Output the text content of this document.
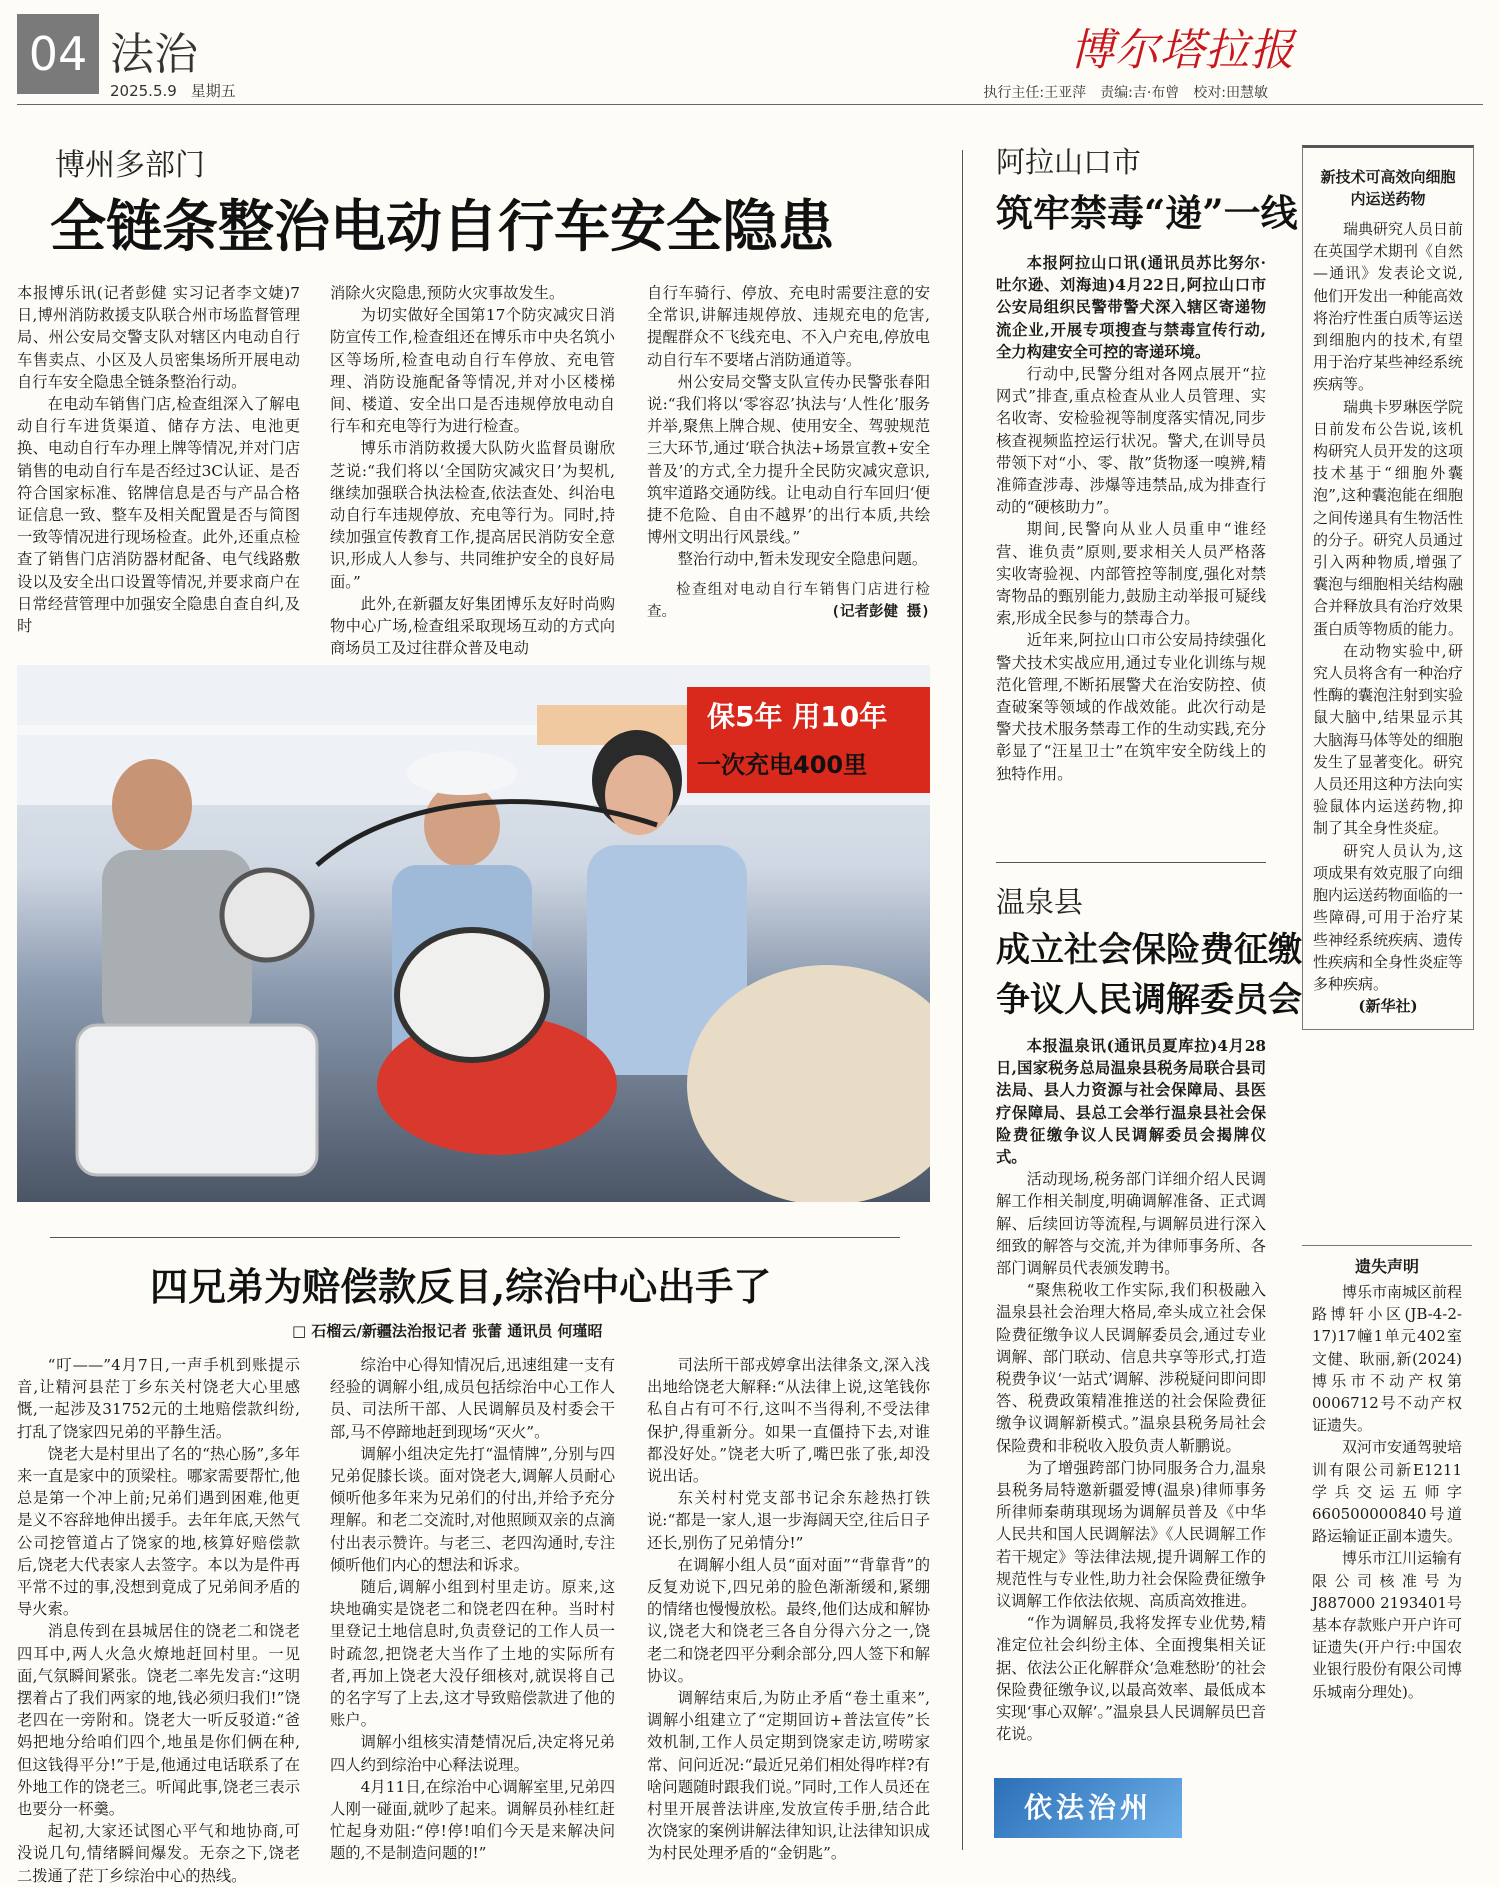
04 法治
2025.5.9 星期五
博尔塔拉报
执行主任:王亚萍 责编:吉·布曾 校对:田慧敏
博州多部门
全链条整治电动自行车安全隐患

本报博乐讯(记者彭健 实习记者李文婕)7日,博州消防救援支队联合州市场监督管理局、州公安局交警支队对辖区内电动自行车售卖点、小区及人员密集场所开展电动自行车安全隐患全链条整治行动。

在电动车销售门店,检查组深入了解电动自行车进货渠道、储存方法、电池更换、电动自行车办理上牌等情况,并对门店销售的电动自行车是否经过3C认证、是否符合国家标准、铭牌信息是否与产品合格证信息一致、整车及相关配置是否与简图一致等情况进行现场检查。此外,还重点检查了销售门店消防器材配备、电气线路敷设以及安全出口设置等情况,并要求商户在日常经营管理中加强安全隐患自查自纠,及时

消除火灾隐患,预防火灾事故发生。

为切实做好全国第17个防灾减灾日消防宣传工作,检查组还在博乐市中央名筑小区等场所,检查电动自行车停放、充电管理、消防设施配备等情况,并对小区楼梯间、楼道、安全出口是否违规停放电动自行车和充电等行为进行检查。

博乐市消防救援大队防火监督员谢欣芝说:“我们将以‘全国防灾减灾日’为契机,继续加强联合执法检查,依法查处、纠治电动自行车违规停放、充电等行为。同时,持续加强宣传教育工作,提高居民消防安全意识,形成人人参与、共同维护安全的良好局面。”

此外,在新疆友好集团博乐友好时尚购物中心广场,检查组采取现场互动的方式向商场员工及过往群众普及电动

自行车骑行、停放、充电时需要注意的安全常识,讲解违规停放、违规充电的危害,提醒群众不飞线充电、不入户充电,停放电动自行车不要堵占消防通道等。

州公安局交警支队宣传办民警张春阳说:“我们将以‘零容忍’执法与‘人性化’服务并举,聚焦上牌合规、使用安全、驾驶规范三大环节,通过‘联合执法+场景宣教+安全普及’的方式,全力提升全民防灾减灾意识,筑牢道路交通防线。让电动自行车回归‘便捷不危险、自由不越界’的出行本质,共绘博州文明出行风景线。”

整治行动中,暂未发现安全隐患问题。

检查组对电动自行车销售门店进行检查。	(记者彭健 摄)
保5年 用10年
一次充电400里
四兄弟为赔偿款反目,综治中心出手了
□ 石榴云/新疆法治报记者 张蕾 通讯员 何瑾昭

“叮——”4月7日,一声手机到账提示音,让精河县茫丁乡东关村饶老大心里感慨,一起涉及31752元的土地赔偿款纠纷,打乱了饶家四兄弟的平静生活。

饶老大是村里出了名的“热心肠”,多年来一直是家中的顶梁柱。哪家需要帮忙,他总是第一个冲上前;兄弟们遇到困难,他更是义不容辞地伸出援手。去年年底,天然气公司挖管道占了饶家的地,核算好赔偿款后,饶老大代表家人去签字。本以为是件再平常不过的事,没想到竟成了兄弟间矛盾的导火索。

消息传到在县城居住的饶老二和饶老四耳中,两人火急火燎地赶回村里。一见面,气氛瞬间紧张。饶老二率先发言:“这明摆着占了我们两家的地,钱必须归我们!”饶老四在一旁附和。饶老大一听反驳道:“爸妈把地分给咱们四个,地虽是你们俩在种,但这钱得平分!”于是,他通过电话联系了在外地工作的饶老三。听闻此事,饶老三表示也要分一杯羹。

起初,大家还试图心平气和地协商,可没说几句,情绪瞬间爆发。无奈之下,饶老二拨通了茫丁乡综治中心的热线。

综治中心得知情况后,迅速组建一支有经验的调解小组,成员包括综治中心工作人员、司法所干部、人民调解员及村委会干部,马不停蹄地赶到现场“灭火”。

调解小组决定先打“温情牌”,分别与四兄弟促膝长谈。面对饶老大,调解人员耐心倾听他多年来为兄弟们的付出,并给予充分理解。和老二交流时,对他照顾双亲的点滴付出表示赞许。与老三、老四沟通时,专注倾听他们内心的想法和诉求。

随后,调解小组到村里走访。原来,这块地确实是饶老二和饶老四在种。当时村里登记土地信息时,负责登记的工作人员一时疏忽,把饶老大当作了土地的实际所有者,再加上饶老大没仔细核对,就误将自己的名字写了上去,这才导致赔偿款进了他的账户。

调解小组核实清楚情况后,决定将兄弟四人约到综治中心释法说理。

4月11日,在综治中心调解室里,兄弟四人刚一碰面,就吵了起来。调解员孙桂红赶忙起身劝阻:“停!停!咱们今天是来解决问题的,不是制造问题的!”

司法所干部戎婷拿出法律条文,深入浅出地给饶老大解释:“从法律上说,这笔钱你私自占有可不行,这叫不当得利,不受法律保护,得重新分。如果一直僵持下去,对谁都没好处。”饶老大听了,嘴巴张了张,却没说出话。

东关村村党支部书记余东趁热打铁说:“都是一家人,退一步海阔天空,往后日子还长,别伤了兄弟情分!”

在调解小组人员“面对面”“背靠背”的反复劝说下,四兄弟的脸色渐渐缓和,紧绷的情绪也慢慢放松。最终,他们达成和解协议,饶老大和饶老三各自分得六分之一,饶老二和饶老四平分剩余部分,四人签下和解协议。

调解结束后,为防止矛盾“卷土重来”,调解小组建立了“定期回访+普法宣传”长效机制,工作人员定期到饶家走访,唠唠家常、问问近况:“最近兄弟们相处得咋样?有啥问题随时跟我们说。”同时,工作人员还在村里开展普法讲座,发放宣传手册,结合此次饶家的案例讲解法律知识,让法律知识成为村民处理矛盾的“金钥匙”。

阿拉山口市
筑牢禁毒“递”一线

本报阿拉山口讯(通讯员苏比努尔·吐尔逊、刘海迪)4月22日,阿拉山口市公安局组织民警带警犬深入辖区寄递物流企业,开展专项搜查与禁毒宣传行动,全力构建安全可控的寄递环境。

行动中,民警分组对各网点展开“拉网式”排查,重点检查从业人员管理、实名收寄、安检验视等制度落实情况,同步核查视频监控运行状况。警犬,在训导员带领下对“小、零、散”货物逐一嗅辨,精准筛查涉毒、涉爆等违禁品,成为排查行动的“硬核助力”。

期间,民警向从业人员重申“谁经营、谁负责”原则,要求相关人员严格落实收寄验视、内部管控等制度,强化对禁寄物品的甄别能力,鼓励主动举报可疑线索,形成全民参与的禁毒合力。

近年来,阿拉山口市公安局持续强化警犬技术实战应用,通过专业化训练与规范化管理,不断拓展警犬在治安防控、侦查破案等领域的作战效能。此次行动是警犬技术服务禁毒工作的生动实践,充分彰显了“汪星卫士”在筑牢安全防线上的独特作用。

温泉县
成立社会保险费征缴
争议人民调解委员会

本报温泉讯(通讯员夏库拉)4月28日,国家税务总局温泉县税务局联合县司法局、县人力资源与社会保障局、县医疗保障局、县总工会举行温泉县社会保险费征缴争议人民调解委员会揭牌仪式。

活动现场,税务部门详细介绍人民调解工作相关制度,明确调解准备、正式调解、后续回访等流程,与调解员进行深入细致的解答与交流,并为律师事务所、各部门调解员代表颁发聘书。

“聚焦税收工作实际,我们积极融入温泉县社会治理大格局,牵头成立社会保险费征缴争议人民调解委员会,通过专业调解、部门联动、信息共享等形式,打造税费争议‘一站式’调解、涉税疑问即问即答、税费政策精准推送的社会保险费征缴争议调解新模式。”温泉县税务局社会保险费和非税收入股负责人靳鹏说。

为了增强跨部门协同服务合力,温泉县税务局特邀新疆爱博(温泉)律师事务所律师秦萌琪现场为调解员普及《中华人民共和国人民调解法》《人民调解工作若干规定》等法律法规,提升调解工作的规范性与专业性,助力社会保险费征缴争议调解工作依法依规、高质高效推进。

“作为调解员,我将发挥专业优势,精准定位社会纠纷主体、全面搜集相关证据、依法公正化解群众‘急难愁盼’的社会保险费征缴争议,以最高效率、最低成本实现‘事心双解’。”温泉县人民调解员巴音花说。

依法治州
新技术可高效向细胞内运送药物

瑞典研究人员日前在英国学术期刊《自然—通讯》发表论文说,他们开发出一种能高效将治疗性蛋白质等运送到细胞内的技术,有望用于治疗某些神经系统疾病等。

瑞典卡罗琳医学院日前发布公告说,该机构研究人员开发的这项技术基于“细胞外囊泡”,这种囊泡能在细胞之间传递具有生物活性的分子。研究人员通过引入两种物质,增强了囊泡与细胞相关结构融合并释放具有治疗效果蛋白质等物质的能力。

在动物实验中,研究人员将含有一种治疗性酶的囊泡注射到实验鼠大脑中,结果显示其大脑海马体等处的细胞发生了显著变化。研究人员还用这种方法向实验鼠体内运送药物,抑制了其全身性炎症。

研究人员认为,这项成果有效克服了向细胞内运送药物面临的一些障碍,可用于治疗某些神经系统疾病、遗传性疾病和全身性炎症等多种疾病。

(新华社)

遗失声明

博乐市南城区前程路博轩小区(JB-4-2-17)17幢1单元402室文健、耿丽,新(2024)博乐市不动产权第0006712号不动产权证遗失。

双河市安通驾驶培训有限公司新E1211学兵交运五师字660500000840号道路运输证正副本遗失。

博乐市江川运输有限公司核准号为J887000 2193401号基本存款账户开户许可证遗失(开户行:中国农业银行股份有限公司博乐城南分理处)。
